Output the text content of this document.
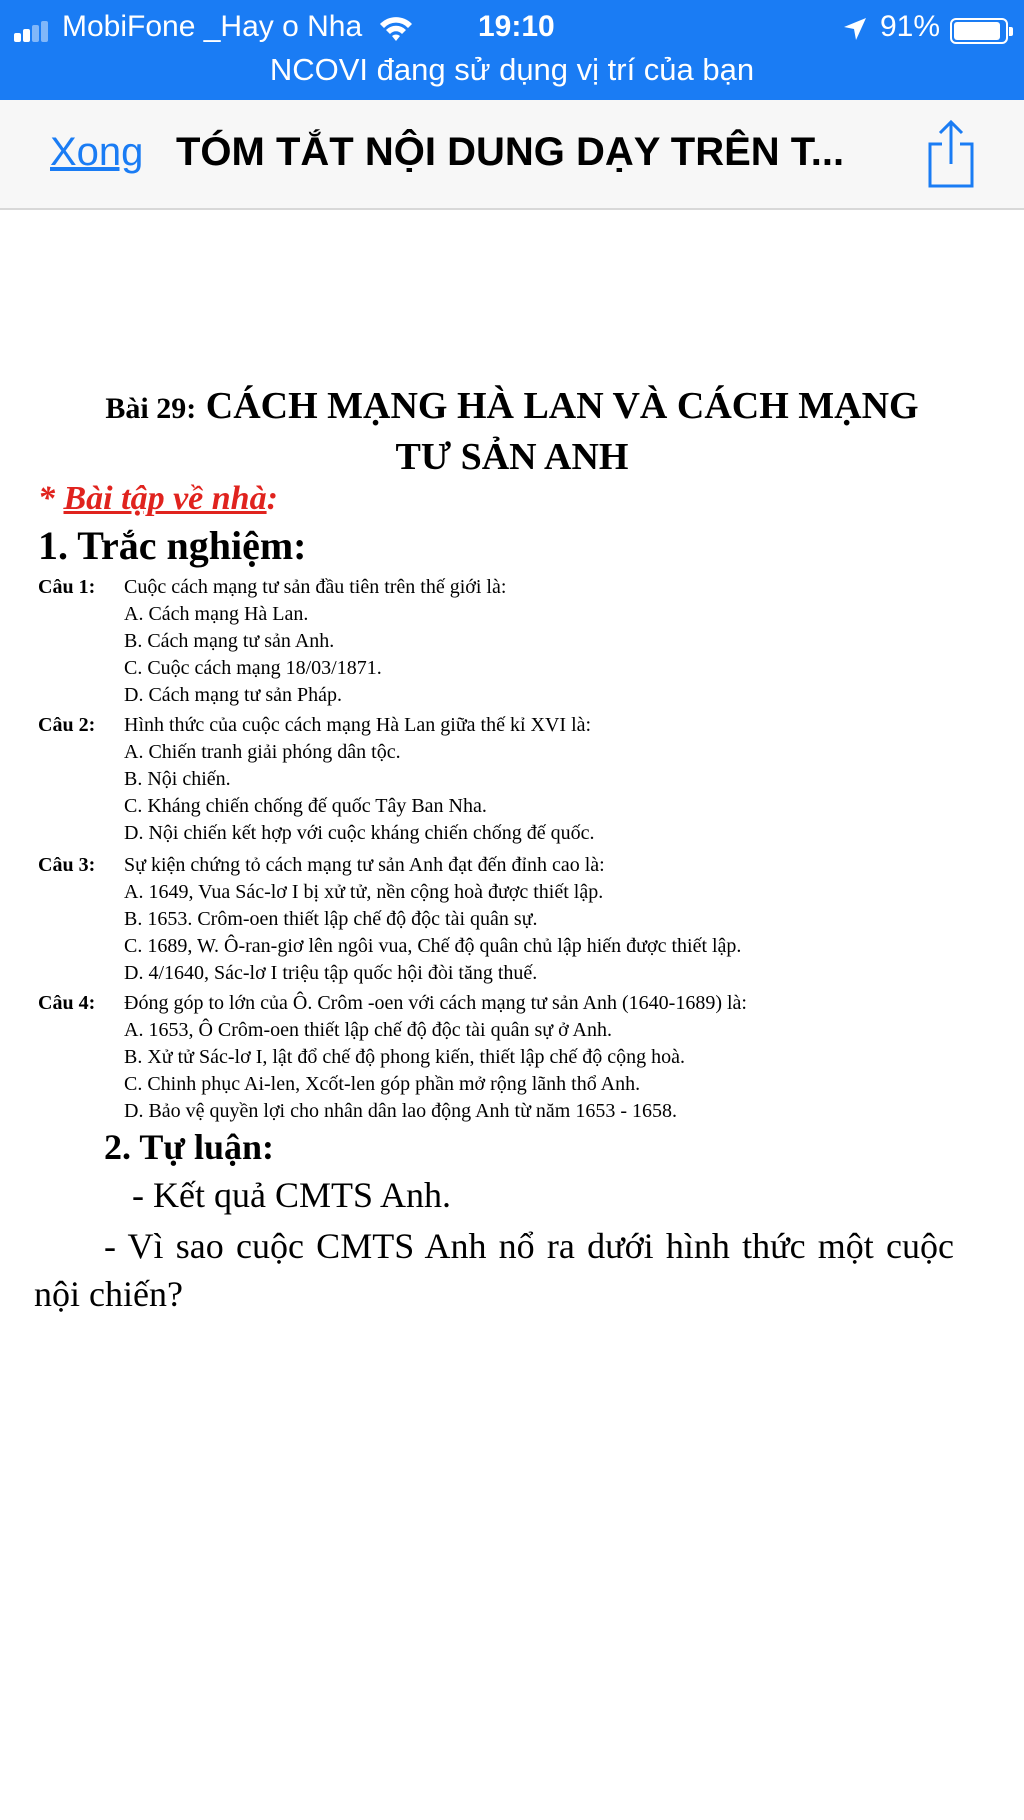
MobiFone _Hay o Nha	19:10	91%
NCOVI đang sử dụng vị trí của bạn
Xong TÓM TẮT NỘI DUNG DẠY TRÊN T...
Bài 29: CÁCH MẠNG HÀ LAN VÀ CÁCH MẠNG
TƯ SẢN ANH
* Bài tập về nhà:
1. Trắc nghiệm:
Câu 1: Cuộc cách mạng tư sản đầu tiên trên thế giới là:
A. Cách mạng Hà Lan.
B. Cách mạng tư sản Anh.
C. Cuộc cách mạng 18/03/1871.
D. Cách mạng tư sản Pháp.
Câu 2: Hình thức của cuộc cách mạng Hà Lan giữa thế kỉ XVI là:
A. Chiến tranh giải phóng dân tộc.
B. Nội chiến.
C. Kháng chiến chống đế quốc Tây Ban Nha.
D. Nội chiến kết hợp với cuộc kháng chiến chống đế quốc.
Câu 3: Sự kiện chứng tỏ cách mạng tư sản Anh đạt đến đỉnh cao là:
A. 1649, Vua Sác-lơ I bị xử tử, nền cộng hoà được thiết lập.
B. 1653. Crôm-oen thiết lập chế độ độc tài quân sự.
C. 1689, W. Ô-ran-giơ lên ngôi vua, Chế độ quân chủ lập hiến được thiết lập.
D. 4/1640, Sác-lơ I triệu tập quốc hội đòi tăng thuế.
Câu 4: Đóng góp to lớn của Ô. Crôm -oen với cách mạng tư sản Anh (1640-1689) là:
A. 1653, Ô Crôm-oen thiết lập chế độ độc tài quân sự ở Anh.
B. Xử tử Sác-lơ I, lật đổ chế độ phong kiến, thiết lập chế độ cộng hoà.
C. Chinh phục Ai-len, Xcốt-len góp phần mở rộng lãnh thổ Anh.
D. Bảo vệ quyền lợi cho nhân dân lao động Anh từ năm 1653 - 1658.
2. Tự luận:
- Kết quả CMTS Anh.
- Vì sao cuộc CMTS Anh nổ ra dưới hình thức một cuộc nội chiến?
